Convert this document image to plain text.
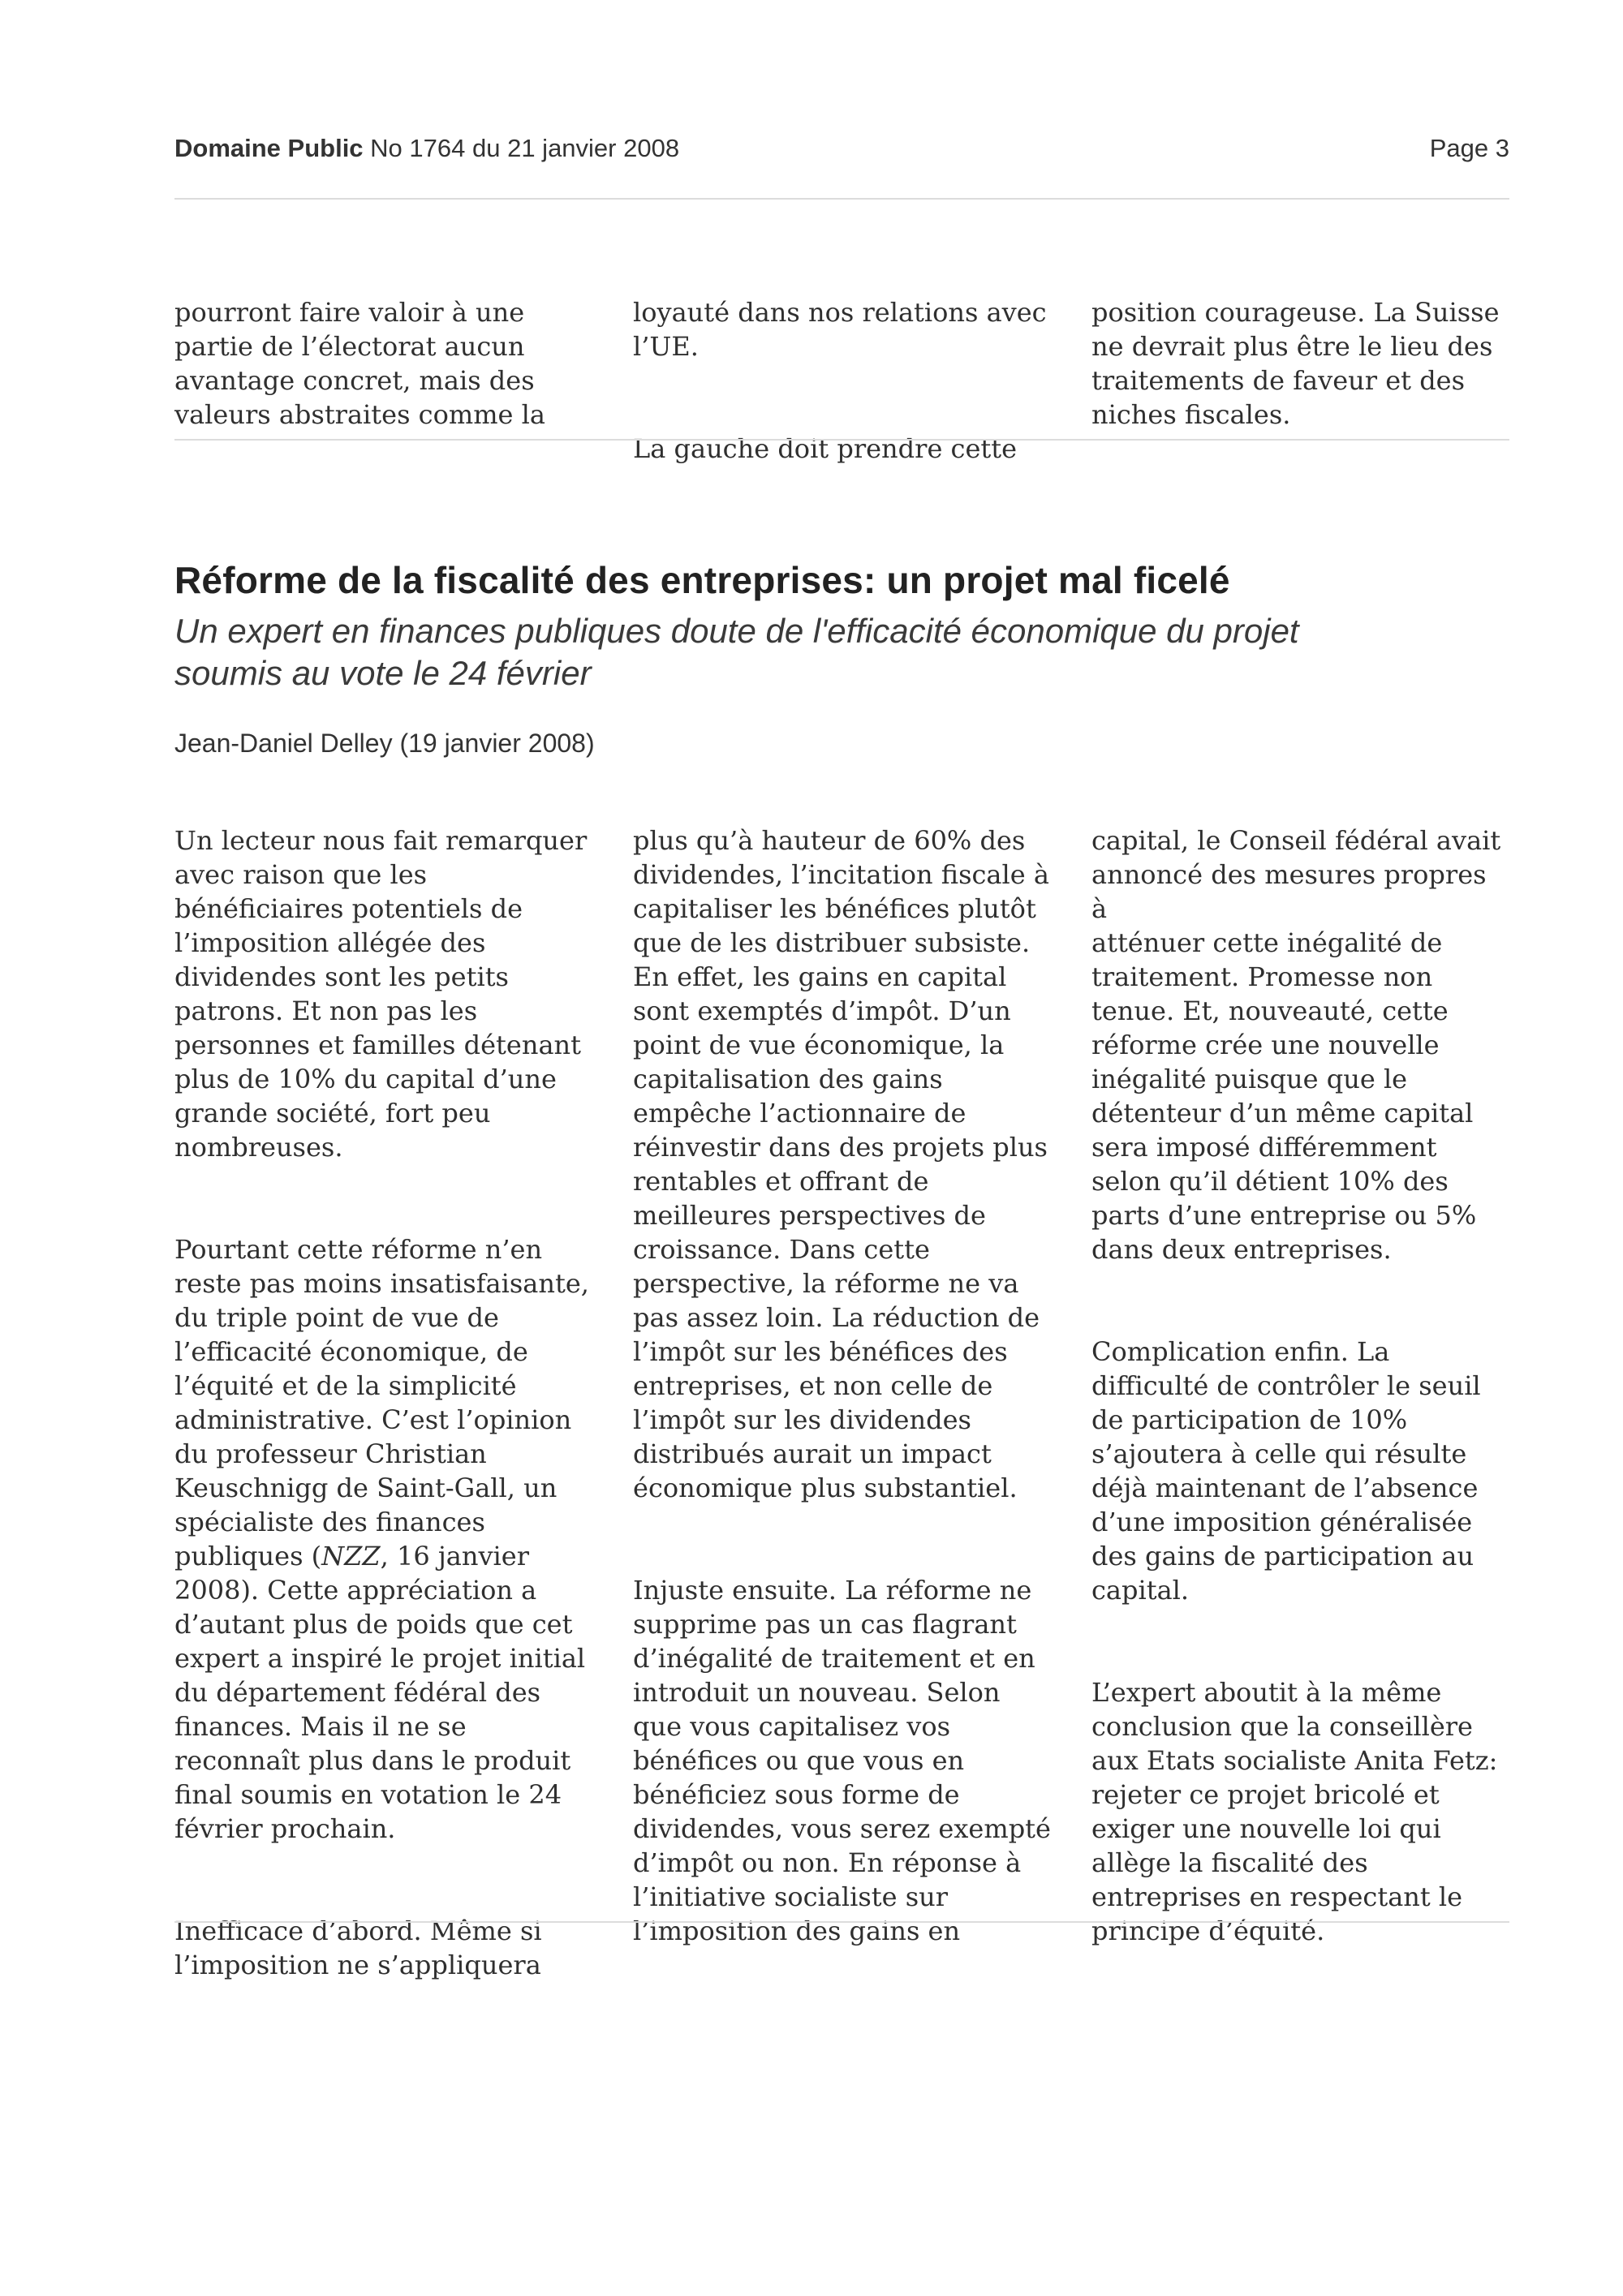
Domaine Public No 1764 du 21 janvier 2008	Page 3

pourront faire valoir à une
partie de l’électorat aucun
avantage concret, mais des
valeurs abstraites comme la

loyauté dans nos relations avec
l’UE.

La gauche doit prendre cette

position courageuse. La Suisse
ne devrait plus être le lieu des
traitements de faveur et des
niches fiscales.

Réforme de la fiscalité des entreprises: un projet mal ficelé

Un expert en finances publiques doute de l'efficacité économique du projet
soumis au vote le 24 février

Jean-Daniel Delley (19 janvier 2008)

Un lecteur nous fait remarquer
avec raison que les
bénéficiaires potentiels de
l’imposition allégée des
dividendes sont les petits
patrons. Et non pas les
personnes et familles détenant
plus de 10% du capital d’une
grande société, fort peu
nombreuses.

Pourtant cette réforme n’en
reste pas moins insatisfaisante,
du triple point de vue de
l’efficacité économique, de
l’équité et de la simplicité
administrative. C’est l’opinion
du professeur Christian
Keuschnigg de Saint-Gall, un
spécialiste des finances
publiques (NZZ, 16 janvier
2008). Cette appréciation a
d’autant plus de poids que cet
expert a inspiré le projet initial
du département fédéral des
finances. Mais il ne se
reconnaît plus dans le produit
final soumis en votation le 24
février prochain.

Inefficace d’abord. Même si
l’imposition ne s’appliquera

plus qu’à hauteur de 60% des
dividendes, l’incitation fiscale à
capitaliser les bénéfices plutôt
que de les distribuer subsiste.
En effet, les gains en capital
sont exemptés d’impôt. D’un
point de vue économique, la
capitalisation des gains
empêche l’actionnaire de
réinvestir dans des projets plus
rentables et offrant de
meilleures perspectives de
croissance. Dans cette
perspective, la réforme ne va
pas assez loin. La réduction de
l’impôt sur les bénéfices des
entreprises, et non celle de
l’impôt sur les dividendes
distribués aurait un impact
économique plus substantiel.

Injuste ensuite. La réforme ne
supprime pas un cas flagrant
d’inégalité de traitement et en
introduit un nouveau. Selon
que vous capitalisez vos
bénéfices ou que vous en
bénéficiez sous forme de
dividendes, vous serez exempté
d’impôt ou non. En réponse à
l’initiative socialiste sur
l’imposition des gains en

capital, le Conseil fédéral avait
annoncé des mesures propres à
atténuer cette inégalité de
traitement. Promesse non
tenue. Et, nouveauté, cette
réforme crée une nouvelle
inégalité puisque que le
détenteur d’un même capital
sera imposé différemment
selon qu’il détient 10% des
parts d’une entreprise ou 5%
dans deux entreprises.

Complication enfin. La
difficulté de contrôler le seuil
de participation de 10%
s’ajoutera à celle qui résulte
déjà maintenant de l’absence
d’une imposition généralisée
des gains de participation au
capital.

L’expert aboutit à la même
conclusion que la conseillère
aux Etats socialiste Anita Fetz:
rejeter ce projet bricolé et
exiger une nouvelle loi qui
allège la fiscalité des
entreprises en respectant le
principe d’équité.
